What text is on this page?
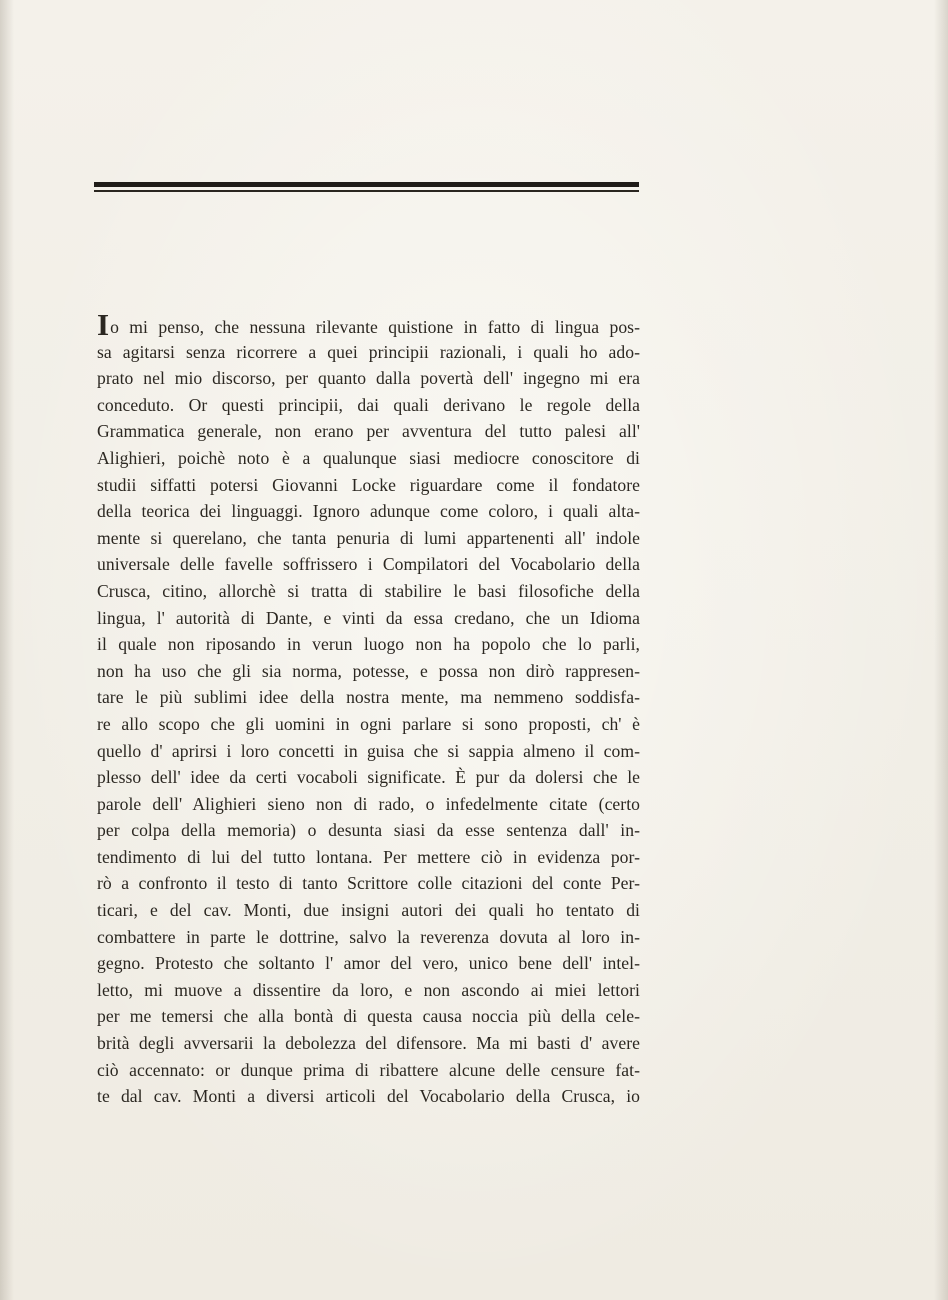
Io mi penso, che nessuna rilevante quistione in fatto di lingua pos-
sa agitarsi senza ricorrere a quei principii razionali, i quali ho ado-
prato nel mio discorso, per quanto dalla povertà dell' ingegno mi era
conceduto. Or questi principii, dai quali derivano le regole della
Grammatica generale, non erano per avventura del tutto palesi all'
Alighieri, poichè noto è a qualunque siasi mediocre conoscitore di
studii siffatti potersi Giovanni Locke riguardare come il fondatore
della teorica dei linguaggi. Ignoro adunque come coloro, i quali alta-
mente si querelano, che tanta penuria di lumi appartenenti all' indole
universale delle favelle soffrissero i Compilatori del Vocabolario della
Crusca, citino, allorchè si tratta di stabilire le basi filosofiche della
lingua, l' autorità di Dante, e vinti da essa credano, che un Idioma
il quale non riposando in verun luogo non ha popolo che lo parli,
non ha uso che gli sia norma, potesse, e possa non dirò rappresen-
tare le più sublimi idee della nostra mente, ma nemmeno soddisfa-
re allo scopo che gli uomini in ogni parlare si sono proposti, ch' è
quello d' aprirsi i loro concetti in guisa che si sappia almeno il com-
plesso dell' idee da certi vocaboli significate. È pur da dolersi che le
parole dell' Alighieri sieno non di rado, o infedelmente citate (certo
per colpa della memoria) o desunta siasi da esse sentenza dall' in-
tendimento di lui del tutto lontana. Per mettere ciò in evidenza por-
rò a confronto il testo di tanto Scrittore colle citazioni del conte Per-
ticari, e del cav. Monti, due insigni autori dei quali ho tentato di
combattere in parte le dottrine, salvo la reverenza dovuta al loro in-
gegno. Protesto che soltanto l' amor del vero, unico bene dell' intel-
letto, mi muove a dissentire da loro, e non ascondo ai miei lettori
per me temersi che alla bontà di questa causa noccia più della cele-
brità degli avversarii la debolezza del difensore. Ma mi basti d' avere
ciò accennato: or dunque prima di ribattere alcune delle censure fat-
te dal cav. Monti a diversi articoli del Vocabolario della Crusca, io
